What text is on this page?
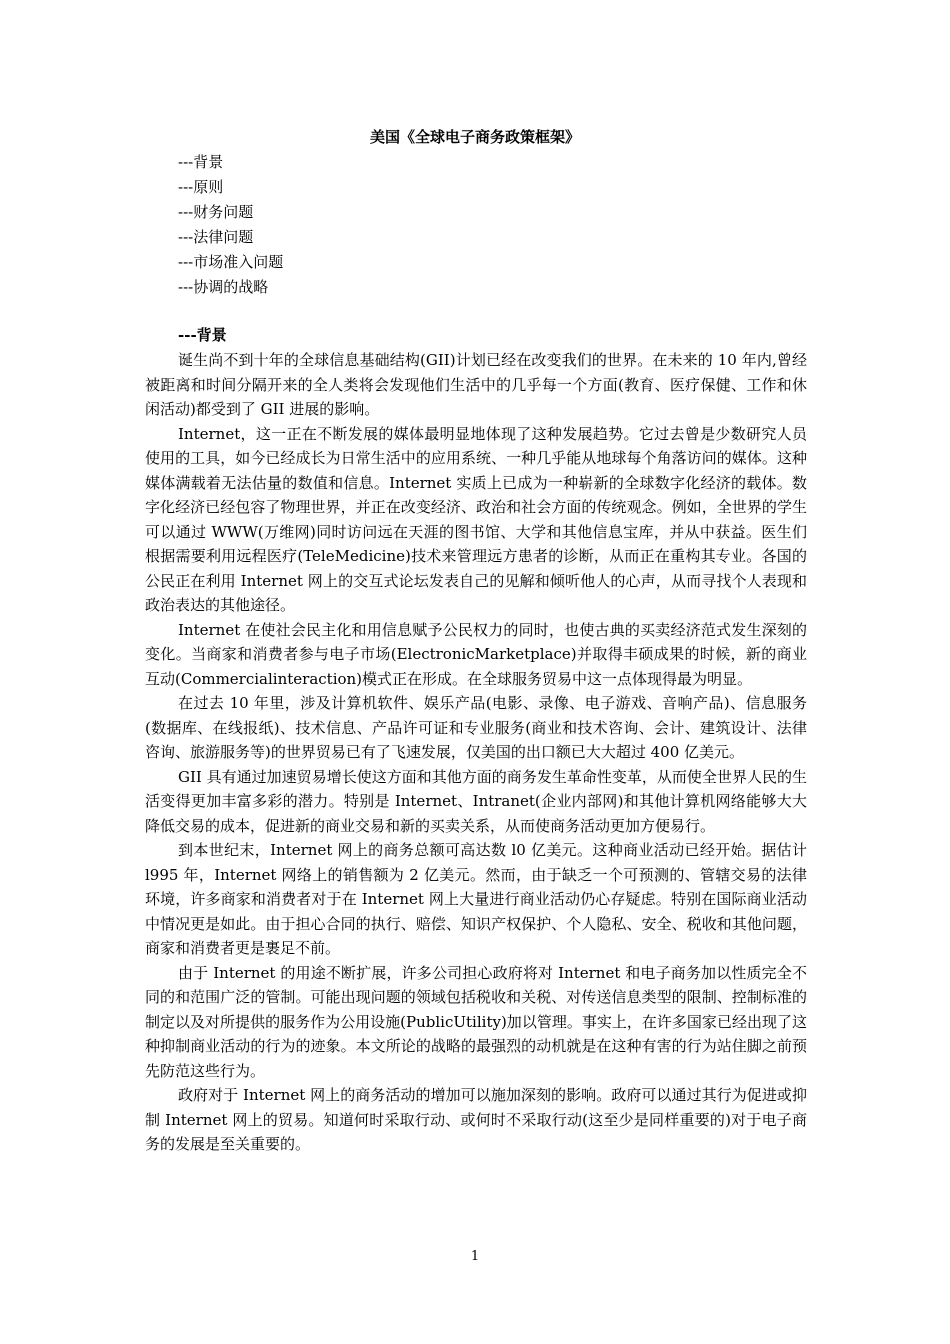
美国《全球电子商务政策框架》
---背景
---原则
---财务问题
---法律问题
---市场准入问题
---协调的战略
---背景

诞生尚不到十年的全球信息基础结构(GII)计划已经在改变我们的世界。在未来的 10 年内,曾经被距离和时间分隔开来的全人类将会发现他们生活中的几乎每一个方面(教育、医疗保健、工作和休闲活动)都受到了 GII 进展的影响。

Internet，这一正在不断发展的媒体最明显地体现了这种发展趋势。它过去曾是少数研究人员使用的工具，如今已经成长为日常生活中的应用系统、一种几乎能从地球每个角落访问的媒体。这种媒体满载着无法估量的数值和信息。Internet 实质上已成为一种崭新的全球数字化经济的载体。数字化经济已经包容了物理世界，并正在改变经济、政治和社会方面的传统观念。例如，全世界的学生可以通过 WWW(万维网)同时访问远在天涯的图书馆、大学和其他信息宝库，并从中获益。医生们根据需要利用远程医疗(TeleMedicine)技术来管理远方患者的诊断，从而正在重构其专业。各国的公民正在利用 Internet 网上的交互式论坛发表自己的见解和倾听他人的心声，从而寻找个人表现和政治表达的其他途径。

Internet 在使社会民主化和用信息赋予公民权力的同时，也使古典的买卖经济范式发生深刻的变化。当商家和消费者参与电子市场(ElectronicMarketplace)并取得丰硕成果的时候，新的商业互动(Commercialinteraction)模式正在形成。在全球服务贸易中这一点体现得最为明显。

在过去 10 年里，涉及计算机软件、娱乐产品(电影、录像、电子游戏、音响产品)、信息服务(数据库、在线报纸)、技术信息、产品许可证和专业服务(商业和技术咨询、会计、建筑设计、法律咨询、旅游服务等)的世界贸易已有了飞速发展，仅美国的出口额已大大超过 400 亿美元。

GII 具有通过加速贸易增长使这方面和其他方面的商务发生革命性变革，从而使全世界人民的生活变得更加丰富多彩的潜力。特别是 Internet、Intranet(企业内部网)和其他计算机网络能够大大降低交易的成本，促进新的商业交易和新的买卖关系，从而使商务活动更加方便易行。

到本世纪末，Internet 网上的商务总额可高达数 l0 亿美元。这种商业活动已经开始。据估计 l995 年，Internet 网络上的销售额为 2 亿美元。然而，由于缺乏一个可预测的、管辖交易的法律环境，许多商家和消费者对于在 Internet 网上大量进行商业活动仍心存疑虑。特别在国际商业活动中情况更是如此。由于担心合同的执行、赔偿、知识产权保护、个人隐私、安全、税收和其他问题，商家和消费者更是裹足不前。

由于 Internet 的用途不断扩展，许多公司担心政府将对 Internet 和电子商务加以性质完全不同的和范围广泛的管制。可能出现问题的领域包括税收和关税、对传送信息类型的限制、控制标准的制定以及对所提供的服务作为公用设施(PublicUtility)加以管理。事实上，在许多国家已经出现了这种抑制商业活动的行为的迹象。本文所论的战略的最强烈的动机就是在这种有害的行为站住脚之前预先防范这些行为。

政府对于 Internet 网上的商务活动的增加可以施加深刻的影响。政府可以通过其行为促进或抑制 Internet 网上的贸易。知道何时采取行动、或何时不采取行动(这至少是同样重要的)对于电子商务的发展是至关重要的。

1
